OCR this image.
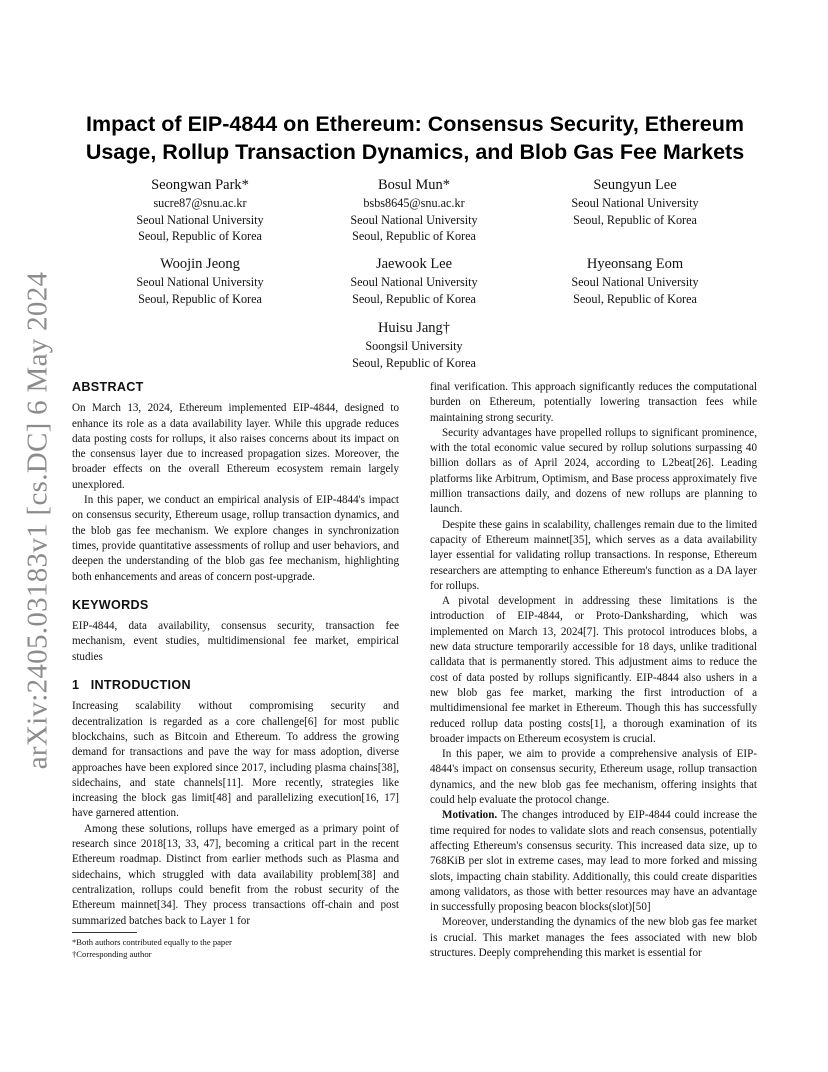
arXiv:2405.03183v1 [cs.DC] 6 May 2024
Impact of EIP-4844 on Ethereum: Consensus Security, Ethereum
Usage, Rollup Transaction Dynamics, and Blob Gas Fee Markets
Seongwan Park*
sucre87@snu.ac.kr
Seoul National University
Seoul, Republic of Korea
Bosul Mun*
bsbs8645@snu.ac.kr
Seoul National University
Seoul, Republic of Korea
Seungyun Lee
Seoul National University
Seoul, Republic of Korea
Woojin Jeong
Seoul National University
Seoul, Republic of Korea
Jaewook Lee
Seoul National University
Seoul, Republic of Korea
Hyeonsang Eom
Seoul National University
Seoul, Republic of Korea
Huisu Jang†
Soongsil University
Seoul, Republic of Korea
ABSTRACT

On March 13, 2024, Ethereum implemented EIP-4844, designed to enhance its role as a data availability layer. While this upgrade reduces data posting costs for rollups, it also raises concerns about its impact on the consensus layer due to increased propagation sizes. Moreover, the broader effects on the overall Ethereum ecosystem remain largely unexplored.

In this paper, we conduct an empirical analysis of EIP-4844's impact on consensus security, Ethereum usage, rollup transaction dynamics, and the blob gas fee mechanism. We explore changes in synchronization times, provide quantitative assessments of rollup and user behaviors, and deepen the understanding of the blob gas fee mechanism, highlighting both enhancements and areas of concern post-upgrade.

KEYWORDS

EIP-4844, data availability, consensus security, transaction fee mechanism, event studies, multidimensional fee market, empirical studies

1   INTRODUCTION

Increasing scalability without compromising security and decentralization is regarded as a core challenge[6] for most public blockchains, such as Bitcoin and Ethereum. To address the growing demand for transactions and pave the way for mass adoption, diverse approaches have been explored since 2017, including plasma chains[38], sidechains, and state channels[11]. More recently, strategies like increasing the block gas limit[48] and parallelizing execution[16, 17] have garnered attention.

Among these solutions, rollups have emerged as a primary point of research since 2018[13, 33, 47], becoming a critical part in the recent Ethereum roadmap. Distinct from earlier methods such as Plasma and sidechains, which struggled with data availability problem[38] and centralization, rollups could benefit from the robust security of the Ethereum mainnet[34]. They process transactions off-chain and post summarized batches back to Layer 1 for

final verification. This approach significantly reduces the computational burden on Ethereum, potentially lowering transaction fees while maintaining strong security.

Security advantages have propelled rollups to significant prominence, with the total economic value secured by rollup solutions surpassing 40 billion dollars as of April 2024, according to L2beat[26]. Leading platforms like Arbitrum, Optimism, and Base process approximately five million transactions daily, and dozens of new rollups are planning to launch.

Despite these gains in scalability, challenges remain due to the limited capacity of Ethereum mainnet[35], which serves as a data availability layer essential for validating rollup transactions. In response, Ethereum researchers are attempting to enhance Ethereum's function as a DA layer for rollups.

A pivotal development in addressing these limitations is the introduction of EIP-4844, or Proto-Danksharding, which was implemented on March 13, 2024[7]. This protocol introduces blobs, a new data structure temporarily accessible for 18 days, unlike traditional calldata that is permanently stored. This adjustment aims to reduce the cost of data posted by rollups significantly. EIP-4844 also ushers in a new blob gas fee market, marking the first introduction of a multidimensional fee market in Ethereum. Though this has successfully reduced rollup data posting costs[1], a thorough examination of its broader impacts on Ethereum ecosystem is crucial.

In this paper, we aim to provide a comprehensive analysis of EIP-4844's impact on consensus security, Ethereum usage, rollup transaction dynamics, and the new blob gas fee mechanism, offering insights that could help evaluate the protocol change.

Motivation. The changes introduced by EIP-4844 could increase the time required for nodes to validate slots and reach consensus, potentially affecting Ethereum's consensus security. This increased data size, up to 768KiB per slot in extreme cases, may lead to more forked and missing slots, impacting chain stability. Additionally, this could create disparities among validators, as those with better resources may have an advantage in successfully proposing beacon blocks(slot)[50]

Moreover, understanding the dynamics of the new blob gas fee market is crucial. This market manages the fees associated with new blob structures. Deeply comprehending this market is essential for

*Both authors contributed equally to the paper
†Corresponding author
